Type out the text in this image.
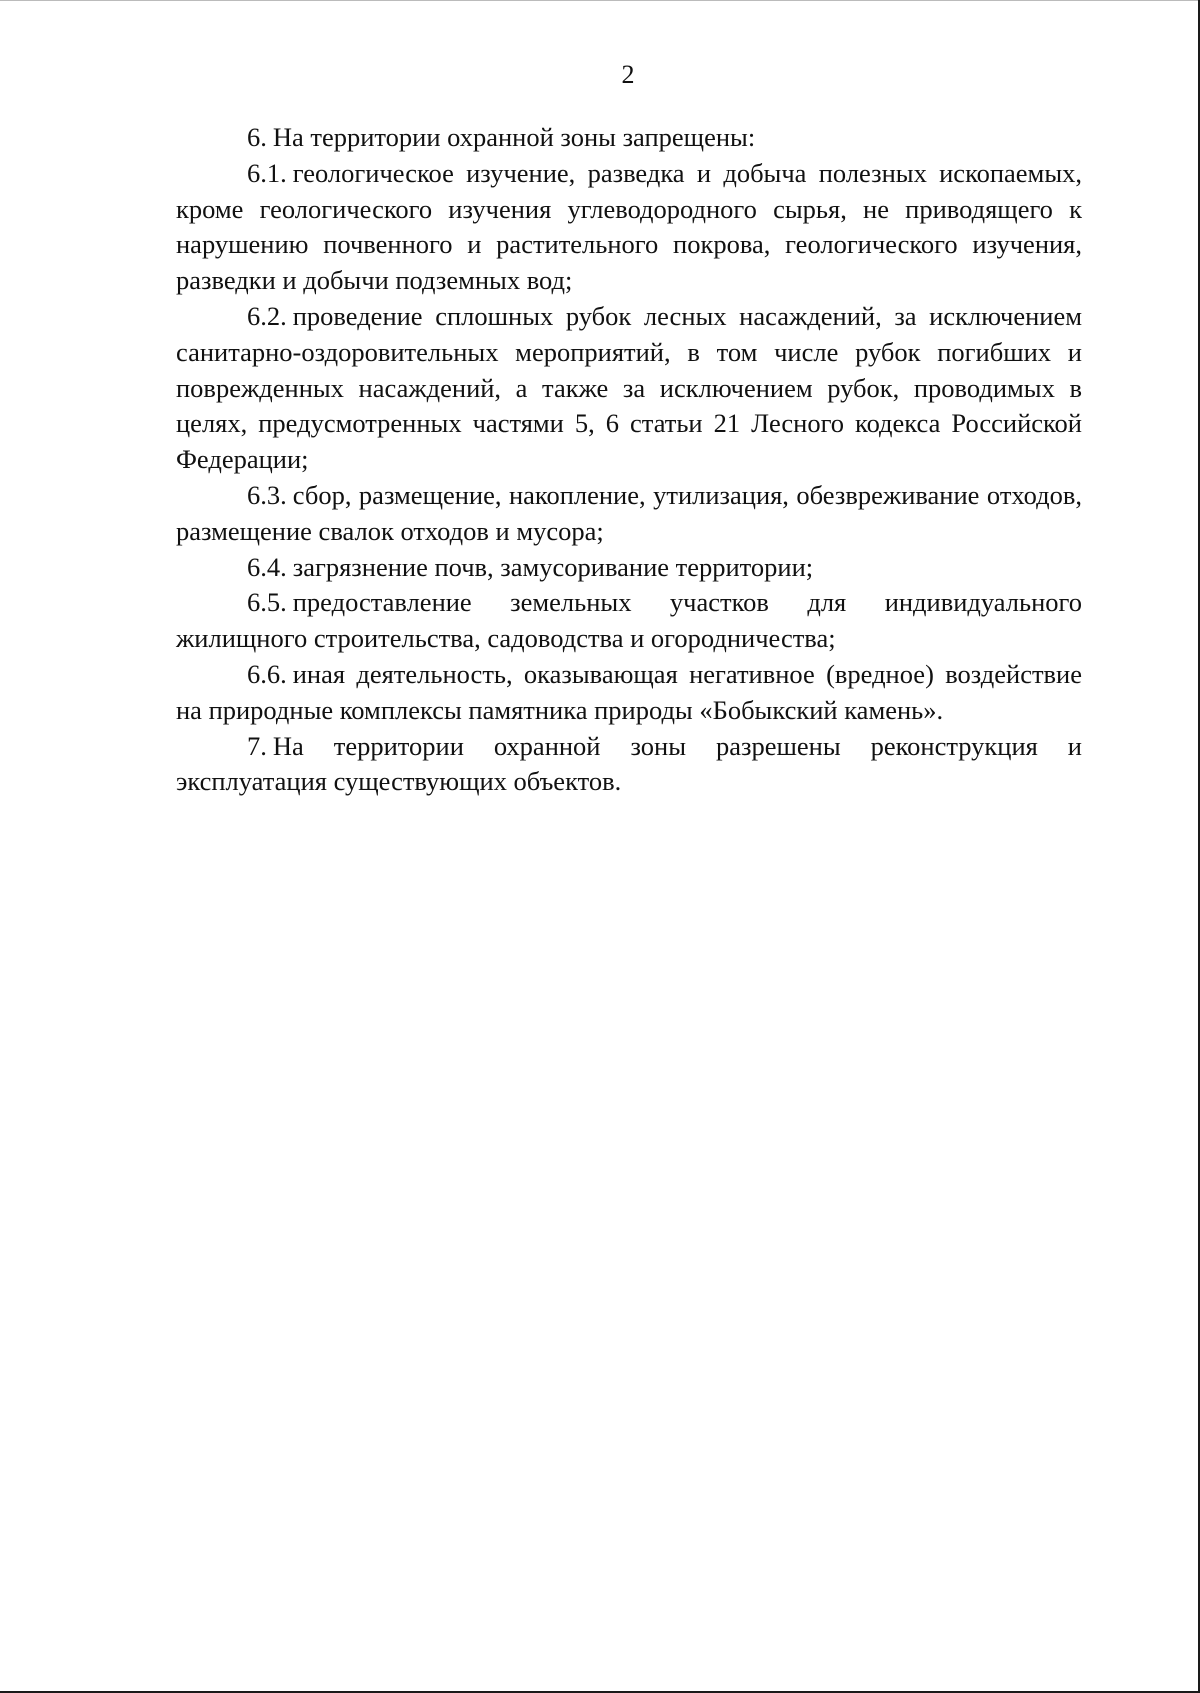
2

6. На территории охранной зоны запрещены:

6.1. геологическое изучение, разведка и добыча полезных ископаемых, кроме геологического изучения углеводородного сырья, не приводящего к нарушению почвенного и растительного покрова, геологического изучения, разведки и добычи подземных вод;

6.2. проведение сплошных рубок лесных насаждений, за исключением санитарно-оздоровительных мероприятий, в том числе рубок погибших и поврежденных насаждений, а также за исключением рубок, проводимых в целях, предусмотренных частями 5, 6 статьи 21 Лесного кодекса Российской Федерации;

6.3. сбор, размещение, накопление, утилизация, обезвреживание отходов, размещение свалок отходов и мусора;

6.4. загрязнение почв, замусоривание территории;

6.5. предоставление земельных участков для индивидуального жилищного строительства, садоводства и огородничества;

6.6. иная деятельность, оказывающая негативное (вредное) воздействие на природные комплексы памятника природы «Бобыкский камень».

7. На территории охранной зоны разрешены реконструкция и эксплуатация существующих объектов.
